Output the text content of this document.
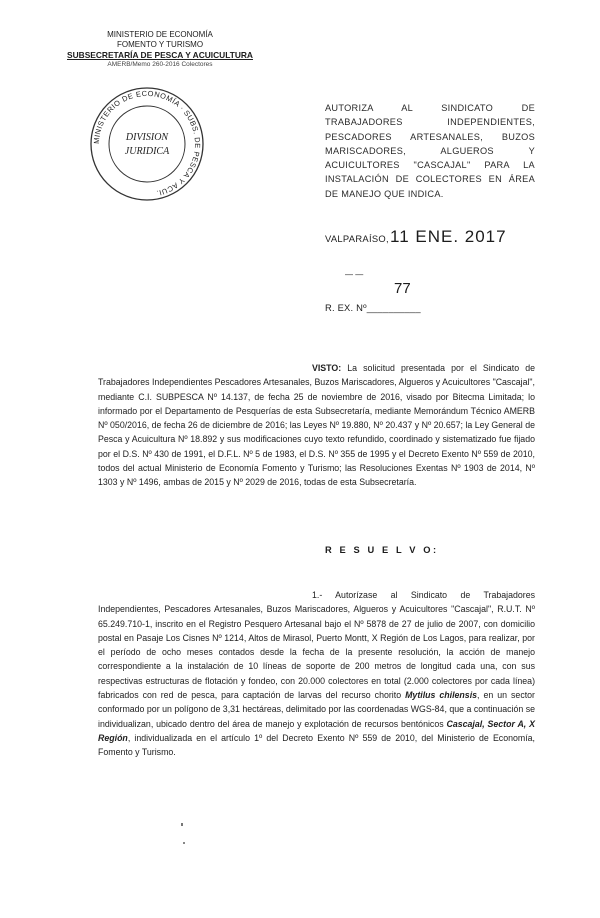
MINISTERIO DE ECONOMÍA
FOMENTO Y TURISMO
SUBSECRETARÍA DE PESCA Y ACUICULTURA
AMERB/Memo 260-2016 Colectores
MINISTERIO DE ECONOMÍA · SUBS. DE PESCA Y ACUI.
DIVISION
JURIDICA
AUTORIZA AL SINDICATO DE TRABAJADORES INDEPENDIENTES, PESCADORES ARTESANALES, BUZOS MARISCADORES, ALGUEROS Y ACUICULTORES "CASCAJAL" PARA LA INSTALACIÓN DE COLECTORES EN ÁREA DE MANEJO QUE INDICA.
VALPARAÍSO, 11 ENE. 2017
— —
77
R. EX. Nº__________
VISTO: La solicitud presentada por el Sindicato de Trabajadores Independientes Pescadores Artesanales, Buzos Mariscadores, Algueros y Acuicultores "Cascajal", mediante C.I. SUBPESCA Nº 14.137, de fecha 25 de noviembre de 2016, visado por Bitecma Limitada; lo informado por el Departamento de Pesquerías de esta Subsecretaría, mediante Memorándum Técnico AMERB Nº 050/2016, de fecha 26 de diciembre de 2016; las Leyes Nº 19.880, Nº 20.437 y Nº 20.657; la Ley General de Pesca y Acuicultura Nº 18.892 y sus modificaciones cuyo texto refundido, coordinado y sistematizado fue fijado por el D.S. Nº 430 de 1991, el D.F.L. Nº 5 de 1983, el D.S. Nº 355 de 1995 y el Decreto Exento Nº 559 de 2010, todos del actual Ministerio de Economía Fomento y Turismo; las Resoluciones Exentas Nº 1903 de 2014, Nº 1303 y Nº 1496, ambas de 2015 y Nº 2029 de 2016, todas de esta Subsecretaría.
R E S U E L V O:
1.- Autorízase al Sindicato de Trabajadores Independientes, Pescadores Artesanales, Buzos Mariscadores, Algueros y Acuicultores "Cascajal", R.U.T. Nº 65.249.710-1, inscrito en el Registro Pesquero Artesanal bajo el Nº 5878 de 27 de julio de 2007, con domicilio postal en Pasaje Los Cisnes Nº 1214, Altos de Mirasol, Puerto Montt, X Región de Los Lagos, para realizar, por el período de ocho meses contados desde la fecha de la presente resolución, la acción de manejo correspondiente a la instalación de 10 líneas de soporte de 200 metros de longitud cada una, con sus respectivas estructuras de flotación y fondeo, con 20.000 colectores en total (2.000 colectores por cada línea) fabricados con red de pesca, para captación de larvas del recurso chorito Mytilus chilensis, en un sector conformado por un polígono de 3,31 hectáreas, delimitado por las coordenadas WGS-84, que a continuación se individualizan, ubicado dentro del área de manejo y explotación de recursos bentónicos Cascajal, Sector A, X Región, individualizada en el artículo 1º del Decreto Exento Nº 559 de 2010, del Ministerio de Economía, Fomento y Turismo.
